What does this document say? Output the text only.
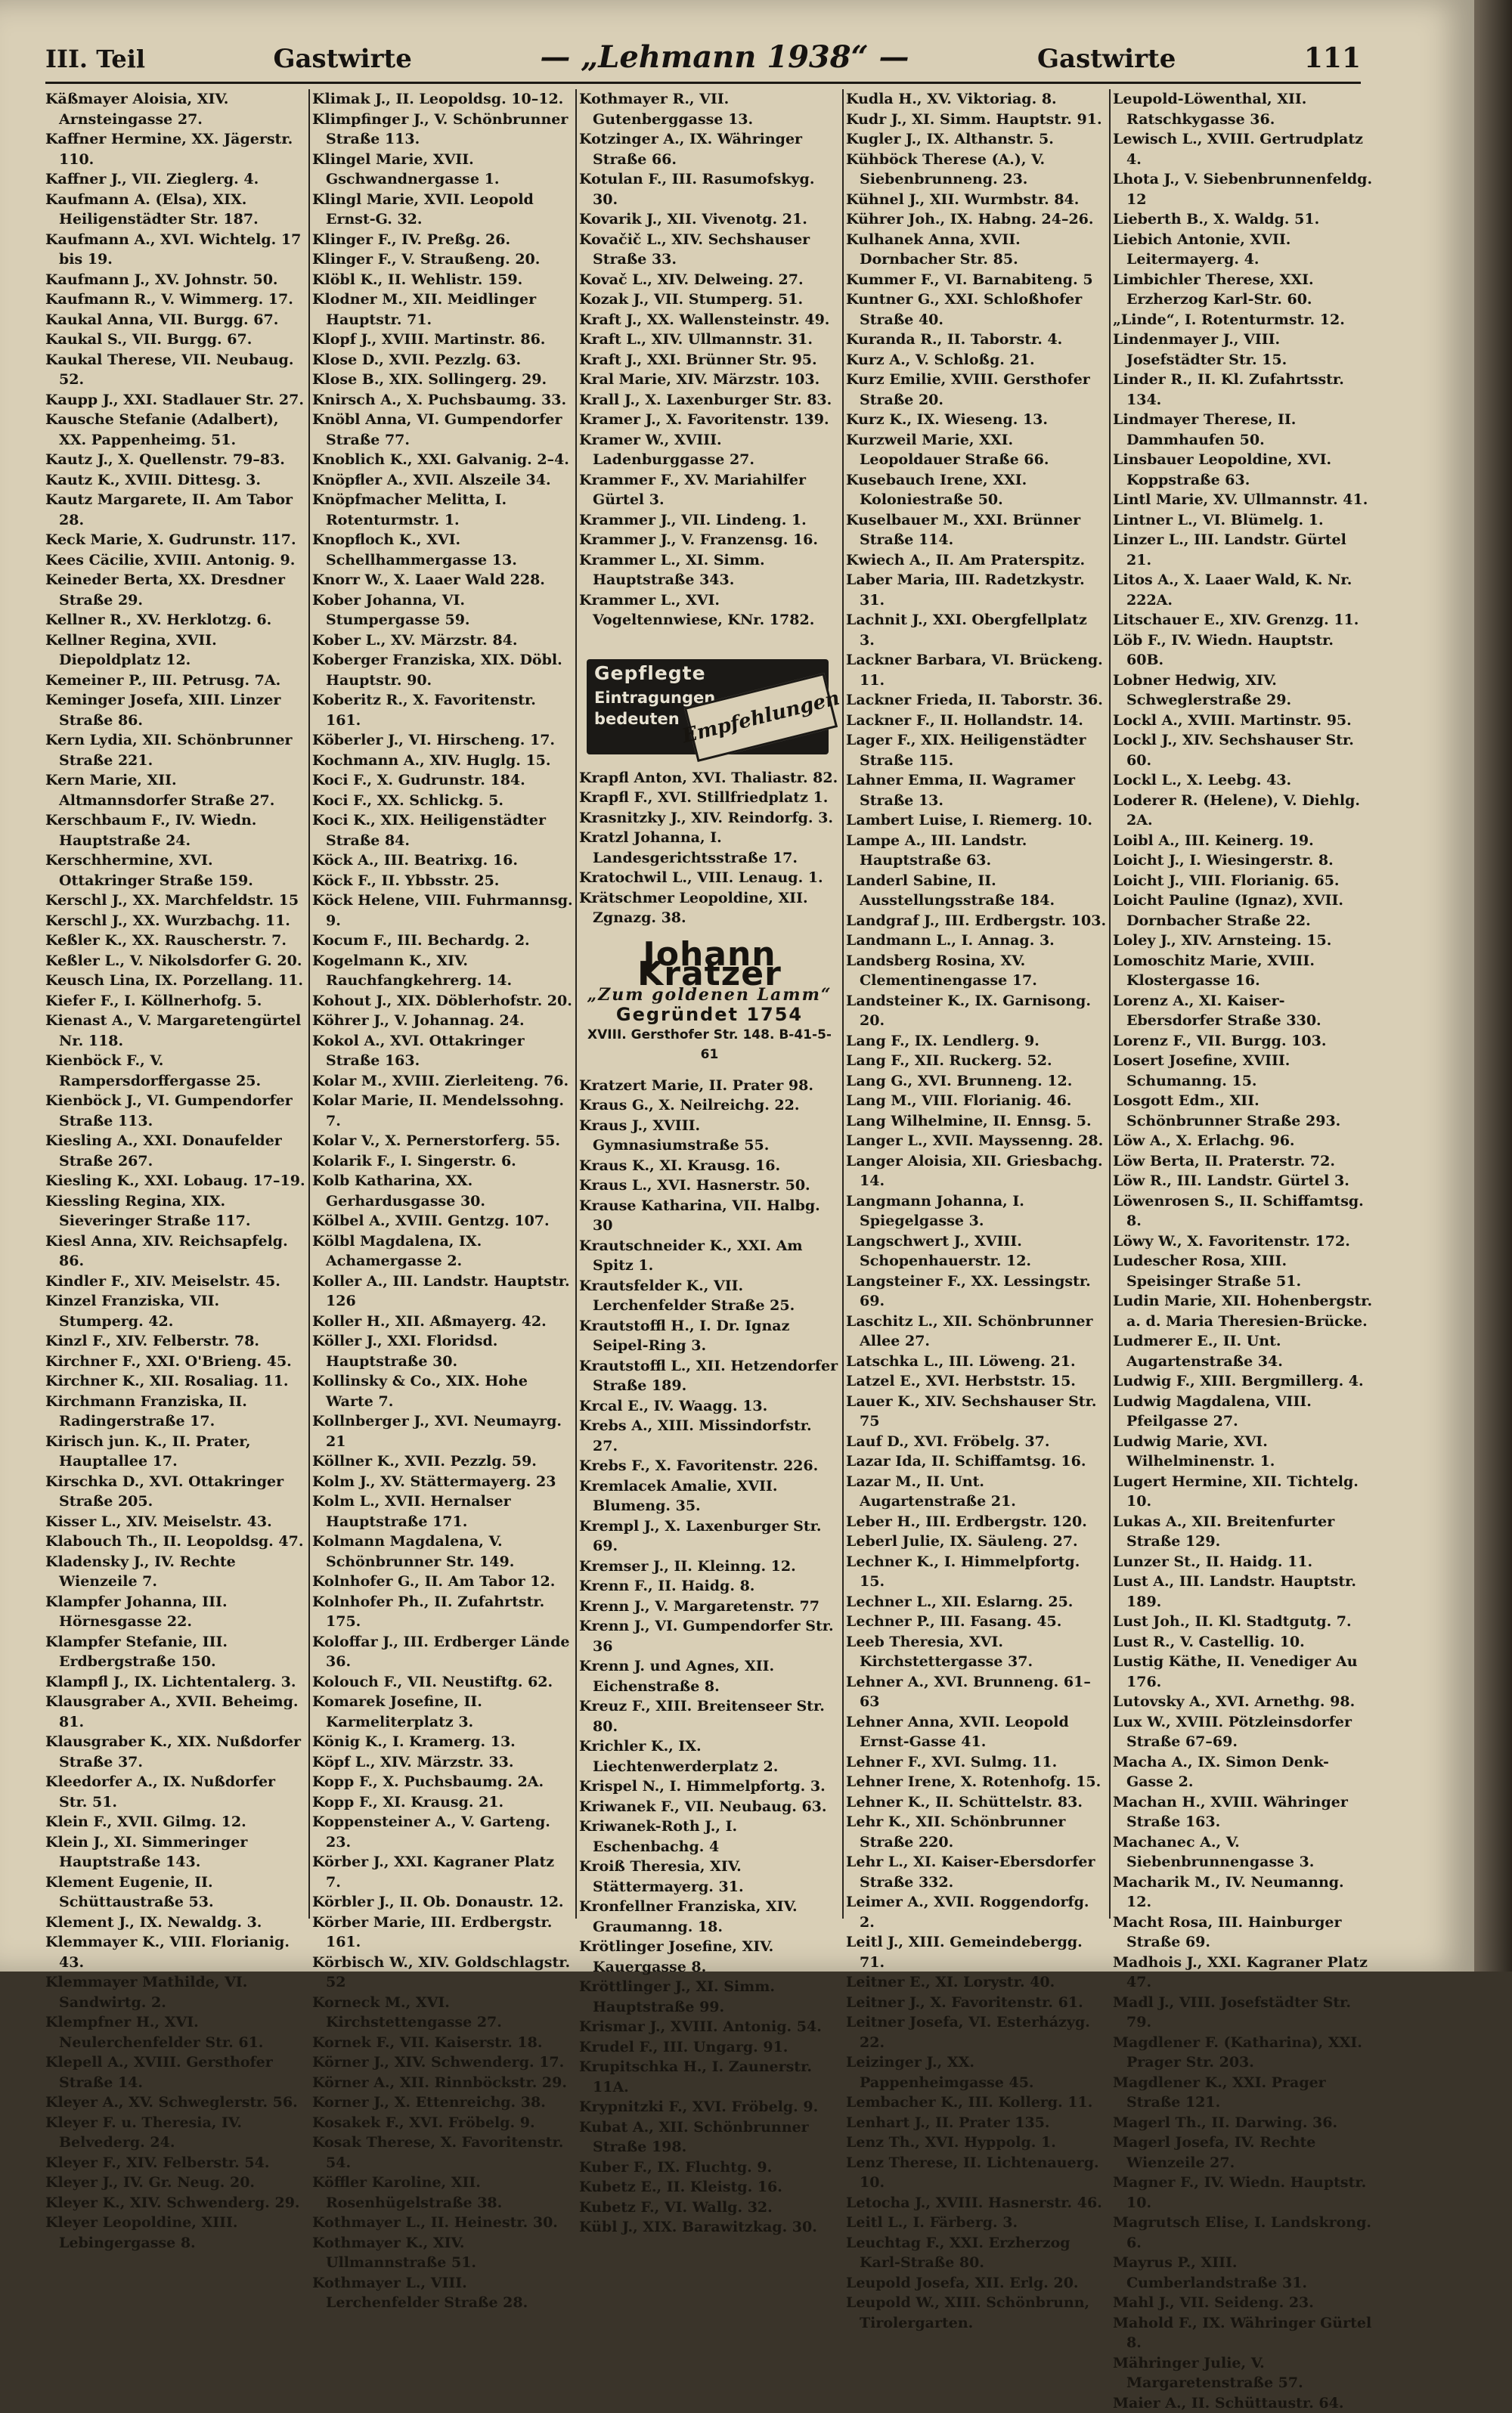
III. Teil	Gastwirte	— „Lehmann 1938“ —	Gastwirte	111
Käßmayer Aloisia, XIV. Arnsteingasse 27.
Kaffner Hermine, XX. Jägerstr. 110.
Kaffner J., VII. Zieglerg. 4.
Kaufmann A. (Elsa), XIX. Heiligenstädter Str. 187.
Kaufmann A., XVI. Wichtelg. 17 bis 19.
Kaufmann J., XV. Johnstr. 50.
Kaufmann R., V. Wimmerg. 17.
Kaukal Anna, VII. Burgg. 67.
Kaukal S., VII. Burgg. 67.
Kaukal Therese, VII. Neubaug. 52.
Kaupp J., XXI. Stadlauer Str. 27.
Kausche Stefanie (Adalbert), XX. Pappenheimg. 51.
Kautz J., X. Quellenstr. 79–83.
Kautz K., XVIII. Dittesg. 3.
Kautz Margarete, II. Am Tabor 28.
Keck Marie, X. Gudrunstr. 117.
Kees Cäcilie, XVIII. Antonig. 9.
Keineder Berta, XX. Dresdner Straße 29.
Kellner R., XV. Herklotzg. 6.
Kellner Regina, XVII. Diepoldplatz 12.
Kemeiner P., III. Petrusg. 7A.
Keminger Josefa, XIII. Linzer Straße 86.
Kern Lydia, XII. Schönbrunner Straße 221.
Kern Marie, XII. Altmannsdorfer Straße 27.
Kerschbaum F., IV. Wiedn. Hauptstraße 24.
Kerschhermine, XVI. Ottakringer Straße 159.
Kerschl J., XX. Marchfeldstr. 15
Kerschl J., XX. Wurzbachg. 11.
Keßler K., XX. Rauscherstr. 7.
Keßler L., V. Nikolsdorfer G. 20.
Keusch Lina, IX. Porzellang. 11.
Kiefer F., I. Köllnerhofg. 5.
Kienast A., V. Margaretengürtel Nr. 118.
Kienböck F., V. Rampersdorffergasse 25.
Kienböck J., VI. Gumpendorfer Straße 113.
Kiesling A., XXI. Donaufelder Straße 267.
Kiesling K., XXI. Lobaug. 17–19.
Kiessling Regina, XIX. Sieveringer Straße 117.
Kiesl Anna, XIV. Reichsapfelg. 86.
Kindler F., XIV. Meiselstr. 45.
Kinzel Franziska, VII. Stumperg. 42.
Kinzl F., XIV. Felberstr. 78.
Kirchner F., XXI. O'Brieng. 45.
Kirchner K., XII. Rosaliag. 11.
Kirchmann Franziska, II. Radingerstraße 17.
Kirisch jun. K., II. Prater, Hauptallee 17.
Kirschka D., XVI. Ottakringer Straße 205.
Kisser L., XIV. Meiselstr. 43.
Klabouch Th., II. Leopoldsg. 47.
Kladensky J., IV. Rechte Wienzeile 7.
Klampfer Johanna, III. Hörnesgasse 22.
Klampfer Stefanie, III. Erdbergstraße 150.
Klampfl J., IX. Lichtentalerg. 3.
Klausgraber A., XVII. Beheimg. 81.
Klausgraber K., XIX. Nußdorfer Straße 37.
Kleedorfer A., IX. Nußdorfer Str. 51.
Klein F., XVII. Gilmg. 12.
Klein J., XI. Simmeringer Hauptstraße 143.
Klement Eugenie, II. Schüttaustraße 53.
Klement J., IX. Newaldg. 3.
Klemmayer K., VIII. Florianig. 43.
Klemmayer Mathilde, VI. Sandwirtg. 2.
Klempfner H., XVI. Neulerchenfelder Str. 61.
Klepell A., XVIII. Gersthofer Straße 14.
Kleyer A., XV. Schweglerstr. 56.
Kleyer F. u. Theresia, IV. Belvederg. 24.
Kleyer F., XIV. Felberstr. 54.
Kleyer J., IV. Gr. Neug. 20.
Kleyer K., XIV. Schwenderg. 29.
Kleyer Leopoldine, XIII. Lebingergasse 8.
Klimak J., II. Leopoldsg. 10–12.
Klimpfinger J., V. Schönbrunner Straße 113.
Klingel Marie, XVII. Gschwandnergasse 1.
Klingl Marie, XVII. Leopold Ernst-G. 32.
Klinger F., IV. Preßg. 26.
Klinger F., V. Straußeng. 20.
Klöbl K., II. Wehlistr. 159.
Klodner M., XII. Meidlinger Hauptstr. 71.
Klopf J., XVIII. Martinstr. 86.
Klose D., XVII. Pezzlg. 63.
Klose B., XIX. Sollingerg. 29.
Knirsch A., X. Puchsbaumg. 33.
Knöbl Anna, VI. Gumpendorfer Straße 77.
Knoblich K., XXI. Galvanig. 2–4.
Knöpfler A., XVII. Alszeile 34.
Knöpfmacher Melitta, I. Rotenturmstr. 1.
Knopfloch K., XVI. Schellhammergasse 13.
Knorr W., X. Laaer Wald 228.
Kober Johanna, VI. Stumpergasse 59.
Kober L., XV. Märzstr. 84.
Koberger Franziska, XIX. Döbl. Hauptstr. 90.
Koberitz R., X. Favoritenstr. 161.
Köberler J., VI. Hirscheng. 17.
Kochmann A., XIV. Huglg. 15.
Koci F., X. Gudrunstr. 184.
Koci F., XX. Schlickg. 5.
Koci K., XIX. Heiligenstädter Straße 84.
Köck A., III. Beatrixg. 16.
Köck F., II. Ybbsstr. 25.
Köck Helene, VIII. Fuhrmannsg. 9.
Kocum F., III. Bechardg. 2.
Kogelmann K., XIV. Rauchfangkehrerg. 14.
Kohout J., XIX. Döblerhofstr. 20.
Köhrer J., V. Johannag. 24.
Kokol A., XVI. Ottakringer Straße 163.
Kolar M., XVIII. Zierleiteng. 76.
Kolar Marie, II. Mendelssohng. 7.
Kolar V., X. Pernerstorferg. 55.
Kolarik F., I. Singerstr. 6.
Kolb Katharina, XX. Gerhardusgasse 30.
Kölbel A., XVIII. Gentzg. 107.
Kölbl Magdalena, IX. Achamergasse 2.
Koller A., III. Landstr. Hauptstr. 126
Koller H., XII. Aßmayerg. 42.
Köller J., XXI. Floridsd. Hauptstraße 30.
Kollinsky & Co., XIX. Hohe Warte 7.
Kollnberger J., XVI. Neumayrg. 21
Köllner K., XVII. Pezzlg. 59.
Kolm J., XV. Stättermayerg. 23
Kolm L., XVII. Hernalser Hauptstraße 171.
Kolmann Magdalena, V. Schönbrunner Str. 149.
Kolnhofer G., II. Am Tabor 12.
Kolnhofer Ph., II. Zufahrtstr. 175.
Koloffar J., III. Erdberger Lände 36.
Kolouch F., VII. Neustiftg. 62.
Komarek Josefine, II. Karmeliterplatz 3.
König K., I. Kramerg. 13.
Köpf L., XIV. Märzstr. 33.
Kopp F., X. Puchsbaumg. 2A.
Kopp F., XI. Krausg. 21.
Koppensteiner A., V. Garteng. 23.
Körber J., XXI. Kagraner Platz 7.
Körbler J., II. Ob. Donaustr. 12.
Körber Marie, III. Erdbergstr. 161.
Körbisch W., XIV. Goldschlagstr. 52
Korneck M., XVI. Kirchstettengasse 27.
Kornek F., VII. Kaiserstr. 18.
Körner J., XIV. Schwenderg. 17.
Körner A., XII. Rinnböckstr. 29.
Korner J., X. Ettenreichg. 38.
Kosakek F., XVI. Fröbelg. 9.
Kosak Therese, X. Favoritenstr. 54.
Köffler Karoline, XII. Rosenhügelstraße 38.
Kothmayer L., II. Heinestr. 30.
Kothmayer K., XIV. Ullmannstraße 51.
Kothmayer L., VIII. Lerchenfelder Straße 28.
Kothmayer R., VII. Gutenberggasse 13.
Kotzinger A., IX. Währinger Straße 66.
Kotulan F., III. Rasumofskyg. 30.
Kovarik J., XII. Vivenotg. 21.
Kovačič L., XIV. Sechshauser Straße 33.
Kovač L., XIV. Delweing. 27.
Kozak J., VII. Stumperg. 51.
Kraft J., XX. Wallensteinstr. 49.
Kraft L., XIV. Ullmannstr. 31.
Kraft J., XXI. Brünner Str. 95.
Kral Marie, XIV. Märzstr. 103.
Krall J., X. Laxenburger Str. 83.
Kramer J., X. Favoritenstr. 139.
Kramer W., XVIII. Ladenburggasse 27.
Krammer F., XV. Mariahilfer Gürtel 3.
Krammer J., VII. Lindeng. 1.
Krammer J., V. Franzensg. 16.
Krammer L., XI. Simm. Hauptstraße 343.
Krammer L., XVI. Vogeltennwiese, KNr. 1782.
Gepflegte
Eintragungen
bedeuten Empfehlungen
Krapfl Anton, XVI. Thaliastr. 82.
Krapfl F., XVI. Stillfriedplatz 1.
Krasnitzky J., XIV. Reindorfg. 3.
Kratzl Johanna, I. Landesgerichtsstraße 17.
Kratochwil L., VIII. Lenaug. 1.
Krätschmer Leopoldine, XII. Zgnazg. 38.
Johann Kratzer
„Zum goldenen Lamm“
Gegründet 1754
XVIII. Gersthofer Str. 148. B-41-5-61
Kratzert Marie, II. Prater 98.
Kraus G., X. Neilreichg. 22.
Kraus J., XVIII. Gymnasiumstraße 55.
Kraus K., XI. Krausg. 16.
Kraus L., XVI. Hasnerstr. 50.
Krause Katharina, VII. Halbg. 30
Krautschneider K., XXI. Am Spitz 1.
Krautsfelder K., VII. Lerchenfelder Straße 25.
Krautstoffl H., I. Dr. Ignaz Seipel-Ring 3.
Krautstoffl L., XII. Hetzendorfer Straße 189.
Krcal E., IV. Waagg. 13.
Krebs A., XIII. Missindorfstr. 27.
Krebs F., X. Favoritenstr. 226.
Kremlacek Amalie, XVII. Blumeng. 35.
Krempl J., X. Laxenburger Str. 69.
Kremser J., II. Kleinng. 12.
Krenn F., II. Haidg. 8.
Krenn J., V. Margaretenstr. 77
Krenn J., VI. Gumpendorfer Str. 36
Krenn J. und Agnes, XII. Eichenstraße 8.
Kreuz F., XIII. Breitenseer Str. 80.
Krichler K., IX. Liechtenwerderplatz 2.
Krispel N., I. Himmelpfortg. 3.
Kriwanek F., VII. Neubaug. 63.
Kriwanek-Roth J., I. Eschenbachg. 4
Kroiß Theresia, XIV. Stättermayerg. 31.
Kronfellner Franziska, XIV. Graumanng. 18.
Krötlinger Josefine, XIV. Kauergasse 8.
Kröttlinger J., XI. Simm. Hauptstraße 99.
Krismar J., XVIII. Antonig. 54.
Krudel F., III. Ungarg. 91.
Krupitschka H., I. Zaunerstr. 11A.
Krypnitzki F., XVI. Fröbelg. 9.
Kubat A., XII. Schönbrunner Straße 198.
Kuber F., IX. Fluchtg. 9.
Kubetz E., II. Kleistg. 16.
Kubetz F., VI. Wallg. 32.
Kübl J., XIX. Barawitzkag. 30.
Kudla H., XV. Viktoriag. 8.
Kudr J., XI. Simm. Hauptstr. 91.
Kugler J., IX. Althanstr. 5.
Kühböck Therese (A.), V. Siebenbrunneng. 23.
Kühnel J., XII. Wurmbstr. 84.
Kührer Joh., IX. Habng. 24–26.
Kulhanek Anna, XVII. Dornbacher Str. 85.
Kummer F., VI. Barnabiteng. 5
Kuntner G., XXI. Schloßhofer Straße 40.
Kuranda R., II. Taborstr. 4.
Kurz A., V. Schloßg. 21.
Kurz Emilie, XVIII. Gersthofer Straße 20.
Kurz K., IX. Wieseng. 13.
Kurzweil Marie, XXI. Leopoldauer Straße 66.
Kusebauch Irene, XXI. Koloniestraße 50.
Kuselbauer M., XXI. Brünner Straße 114.
Kwiech A., II. Am Praterspitz.
Laber Maria, III. Radetzkystr. 31.
Lachnit J., XXI. Obergfellplatz 3.
Lackner Barbara, VI. Brückeng. 11.
Lackner Frieda, II. Taborstr. 36.
Lackner F., II. Hollandstr. 14.
Lager F., XIX. Heiligenstädter Straße 115.
Lahner Emma, II. Wagramer Straße 13.
Lambert Luise, I. Riemerg. 10.
Lampe A., III. Landstr. Hauptstraße 63.
Landerl Sabine, II. Ausstellungsstraße 184.
Landgraf J., III. Erdbergstr. 103.
Landmann L., I. Annag. 3.
Landsberg Rosina, XV. Clementinengasse 17.
Landsteiner K., IX. Garnisong. 20.
Lang F., IX. Lendlerg. 9.
Lang F., XII. Ruckerg. 52.
Lang G., XVI. Brunneng. 12.
Lang M., VIII. Florianig. 46.
Lang Wilhelmine, II. Ennsg. 5.
Langer L., XVII. Mayssenng. 28.
Langer Aloisia, XII. Griesbachg. 14.
Langmann Johanna, I. Spiegelgasse 3.
Langschwert J., XVIII. Schopenhauerstr. 12.
Langsteiner F., XX. Lessingstr. 69.
Laschitz L., XII. Schönbrunner Allee 27.
Latschka L., III. Löweng. 21.
Latzel E., XVI. Herbststr. 15.
Lauer K., XIV. Sechshauser Str. 75
Lauf D., XVI. Fröbelg. 37.
Lazar Ida, II. Schiffamtsg. 16.
Lazar M., II. Unt. Augartenstraße 21.
Leber H., III. Erdbergstr. 120.
Leberl Julie, IX. Säuleng. 27.
Lechner K., I. Himmelpfortg. 15.
Lechner L., XII. Eslarng. 25.
Lechner P., III. Fasang. 45.
Leeb Theresia, XVI. Kirchstettergasse 37.
Lehner A., XVI. Brunneng. 61–63
Lehner Anna, XVII. Leopold Ernst-Gasse 41.
Lehner F., XVI. Sulmg. 11.
Lehner Irene, X. Rotenhofg. 15.
Lehner K., II. Schüttelstr. 83.
Lehr K., XII. Schönbrunner Straße 220.
Lehr L., XI. Kaiser-Ebersdorfer Straße 332.
Leimer A., XVII. Roggendorfg. 2.
Leitl J., XIII. Gemeindebergg. 71.
Leitner E., XI. Lorystr. 40.
Leitner J., X. Favoritenstr. 61.
Leitner Josefa, VI. Esterházyg. 22.
Leizinger J., XX. Pappenheimgasse 45.
Lembacher K., III. Kollerg. 11.
Lenhart J., II. Prater 135.
Lenz Th., XVI. Hyppolg. 1.
Lenz Therese, II. Lichtenauerg. 10.
Letocha J., XVIII. Hasnerstr. 46.
Leitl L., I. Färberg. 3.
Leuchtag F., XXI. Erzherzog Karl-Straße 80.
Leupold Josefa, XII. Erlg. 20.
Leupold W., XIII. Schönbrunn, Tirolergarten.
Leupold-Löwenthal, XII. Ratschkygasse 36.
Lewisch L., XVIII. Gertrudplatz 4.
Lhota J., V. Siebenbrunnenfeldg. 12
Lieberth B., X. Waldg. 51.
Liebich Antonie, XVII. Leitermayerg. 4.
Limbichler Therese, XXI. Erzherzog Karl-Str. 60.
„Linde“, I. Rotenturmstr. 12.
Lindenmayer J., VIII. Josefstädter Str. 15.
Linder R., II. Kl. Zufahrtsstr. 134.
Lindmayer Therese, II. Dammhaufen 50.
Linsbauer Leopoldine, XVI. Koppstraße 63.
Lintl Marie, XV. Ullmannstr. 41.
Lintner L., VI. Blümelg. 1.
Linzer L., III. Landstr. Gürtel 21.
Litos A., X. Laaer Wald, K. Nr. 222A.
Litschauer E., XIV. Grenzg. 11.
Löb F., IV. Wiedn. Hauptstr. 60B.
Lobner Hedwig, XIV. Schweglerstraße 29.
Lockl A., XVIII. Martinstr. 95.
Lockl J., XIV. Sechshauser Str. 60.
Lockl L., X. Leebg. 43.
Loderer R. (Helene), V. Diehlg. 2A.
Loibl A., III. Keinerg. 19.
Loicht J., I. Wiesingerstr. 8.
Loicht J., VIII. Florianig. 65.
Loicht Pauline (Ignaz), XVII. Dornbacher Straße 22.
Loley J., XIV. Arnsteing. 15.
Lomoschitz Marie, XVIII. Klostergasse 16.
Lorenz A., XI. Kaiser-Ebersdorfer Straße 330.
Lorenz F., VII. Burgg. 103.
Losert Josefine, XVIII. Schumanng. 15.
Losgott Edm., XII. Schönbrunner Straße 293.
Löw A., X. Erlachg. 96.
Löw Berta, II. Praterstr. 72.
Löw R., III. Landstr. Gürtel 3.
Löwenrosen S., II. Schiffamtsg. 8.
Löwy W., X. Favoritenstr. 172.
Ludescher Rosa, XIII. Speisinger Straße 51.
Ludin Marie, XII. Hohenbergstr. a. d. Maria Theresien-Brücke.
Ludmerer E., II. Unt. Augartenstraße 34.
Ludwig F., XIII. Bergmillerg. 4.
Ludwig Magdalena, VIII. Pfeilgasse 27.
Ludwig Marie, XVI. Wilhelminenstr. 1.
Lugert Hermine, XII. Tichtelg. 10.
Lukas A., XII. Breitenfurter Straße 129.
Lunzer St., II. Haidg. 11.
Lust A., III. Landstr. Hauptstr. 189.
Lust Joh., II. Kl. Stadtgutg. 7.
Lust R., V. Castellig. 10.
Lustig Käthe, II. Venediger Au 176.
Lutovsky A., XVI. Arnethg. 98.
Lux W., XVIII. Pötzleinsdorfer Straße 67–69.
Macha A., IX. Simon Denk-Gasse 2.
Machan H., XVIII. Währinger Straße 163.
Machanec A., V. Siebenbrunnengasse 3.
Macharik M., IV. Neumanng. 12.
Macht Rosa, III. Hainburger Straße 69.
Madhois J., XXI. Kagraner Platz 47.
Madl J., VIII. Josefstädter Str. 79.
Magdlener F. (Katharina), XXI. Prager Str. 203.
Magdlener K., XXI. Prager Straße 121.
Magerl Th., II. Darwing. 36.
Magerl Josefa, IV. Rechte Wienzeile 27.
Magner F., IV. Wiedn. Hauptstr. 10.
Magrutsch Elise, I. Landskrong. 6.
Mayrus P., XIII. Cumberlandstraße 31.
Mahl J., VII. Seideng. 23.
Mahold F., IX. Währinger Gürtel 8.
Mähringer Julie, V. Margaretenstraße 57.
Maier A., II. Schüttaustr. 64.
